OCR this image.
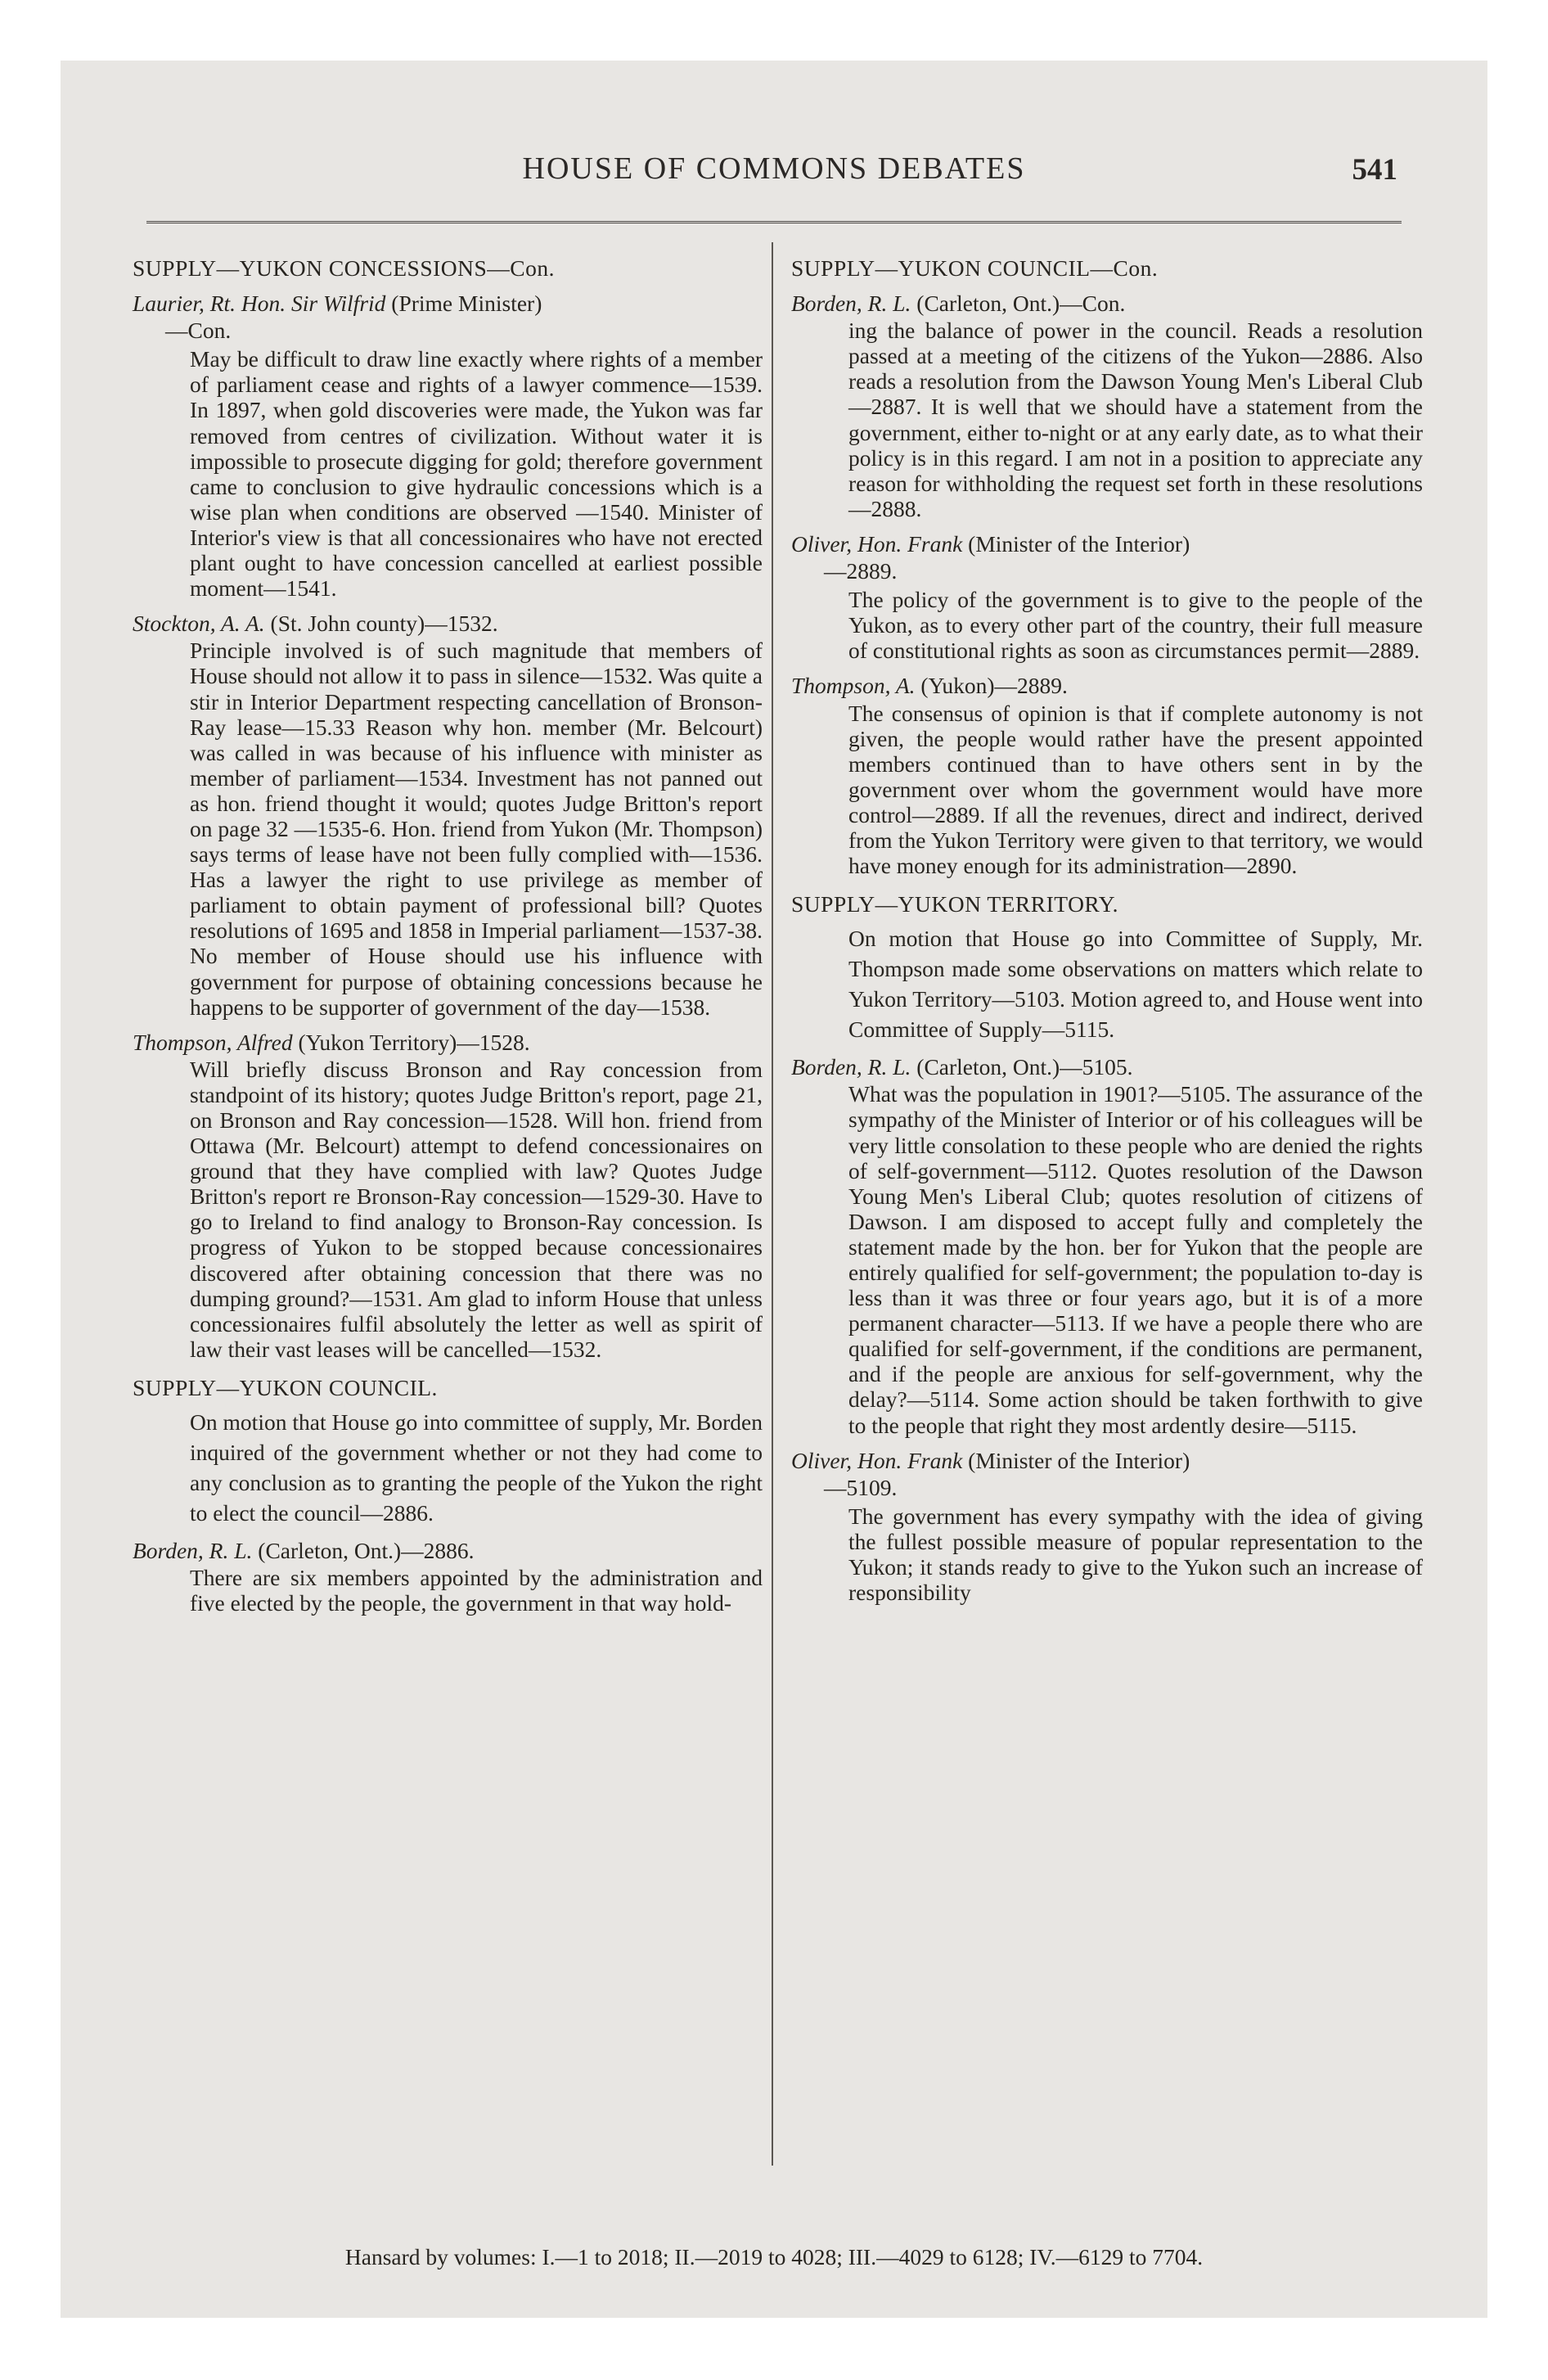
HOUSE OF COMMONS DEBATES	541
SUPPLY—YUKON CONCESSIONS—Con.
Laurier, Rt. Hon. Sir Wilfrid (Prime Minister)
—Con.
May be difficult to draw line exactly where rights of a member of parliament cease and rights of a lawyer commence—1539. In 1897, when gold discoveries were made, the Yukon was far removed from centres of civilization. Without water it is impossible to prosecute digging for gold; therefore government came to conclusion to give hydraulic concessions which is a wise plan when conditions are observed —1540. Minister of Interior's view is that all concessionaires who have not erected plant ought to have concession cancelled at earliest possible moment—1541.
Stockton, A. A. (St. John county)—1532.
Principle involved is of such magnitude that members of House should not allow it to pass in silence—1532. Was quite a stir in Interior Department respecting cancellation of Bronson-Ray lease—15.33 Reason why hon. member (Mr. Belcourt) was called in was because of his influence with minister as member of parliament—1534. Investment has not panned out as hon. friend thought it would; quotes Judge Britton's report on page 32 —1535-6. Hon. friend from Yukon (Mr. Thompson) says terms of lease have not been fully complied with—1536. Has a lawyer the right to use privilege as member of parliament to obtain payment of professional bill? Quotes resolutions of 1695 and 1858 in Imperial parliament—1537-38. No member of House should use his influence with government for purpose of obtaining concessions because he happens to be supporter of government of the day—1538.
Thompson, Alfred (Yukon Territory)—1528.
Will briefly discuss Bronson and Ray concession from standpoint of its history; quotes Judge Britton's report, page 21, on Bronson and Ray concession—1528. Will hon. friend from Ottawa (Mr. Belcourt) attempt to defend concessionaires on ground that they have complied with law? Quotes Judge Britton's report re Bronson-Ray concession—1529-30. Have to go to Ireland to find analogy to Bronson-Ray concession. Is progress of Yukon to be stopped because concessionaires discovered after obtaining concession that there was no dumping ground?—1531. Am glad to inform House that unless concessionaires fulfil absolutely the letter as well as spirit of law their vast leases will be cancelled—1532.
SUPPLY—YUKON COUNCIL.
On motion that House go into committee of supply, Mr. Borden inquired of the government whether or not they had come to any conclusion as to granting the people of the Yukon the right to elect the council—2886.
Borden, R. L. (Carleton, Ont.)—2886.
There are six members appointed by the administration and five elected by the people, the government in that way hold-
SUPPLY—YUKON COUNCIL—Con.
Borden, R. L. (Carleton, Ont.)—Con.
ing the balance of power in the council. Reads a resolution passed at a meeting of the citizens of the Yukon—2886. Also reads a resolution from the Dawson Young Men's Liberal Club—2887. It is well that we should have a statement from the government, either to-night or at any early date, as to what their policy is in this regard. I am not in a position to appreciate any reason for withholding the request set forth in these resolutions —2888.
Oliver, Hon. Frank (Minister of the Interior)
—2889.
The policy of the government is to give to the people of the Yukon, as to every other part of the country, their full measure of constitutional rights as soon as circumstances permit—2889.
Thompson, A. (Yukon)—2889.
The consensus of opinion is that if complete autonomy is not given, the people would rather have the present appointed members continued than to have others sent in by the government over whom the government would have more control—2889. If all the revenues, direct and indirect, derived from the Yukon Territory were given to that territory, we would have money enough for its administration—2890.
SUPPLY—YUKON TERRITORY.
On motion that House go into Committee of Supply, Mr. Thompson made some observations on matters which relate to Yukon Territory—5103. Motion agreed to, and House went into Committee of Supply—5115.
Borden, R. L. (Carleton, Ont.)—5105.
What was the population in 1901?—5105. The assurance of the sympathy of the Minister of Interior or of his colleagues will be very little consolation to these people who are denied the rights of self-government—5112. Quotes resolution of the Dawson Young Men's Liberal Club; quotes resolution of citizens of Dawson. I am disposed to accept fully and completely the statement made by the hon. ber for Yukon that the people are entirely qualified for self-government; the population to-day is less than it was three or four years ago, but it is of a more permanent character—5113. If we have a people there who are qualified for self-government, if the conditions are permanent, and if the people are anxious for self-government, why the delay?—5114. Some action should be taken forthwith to give to the people that right they most ardently desire—5115.
Oliver, Hon. Frank (Minister of the Interior)
—5109.
The government has every sympathy with the idea of giving the fullest possible measure of popular representation to the Yukon; it stands ready to give to the Yukon such an increase of responsibility
Hansard by volumes: I.—1 to 2018; II.—2019 to 4028; III.—4029 to 6128; IV.—6129 to 7704.
